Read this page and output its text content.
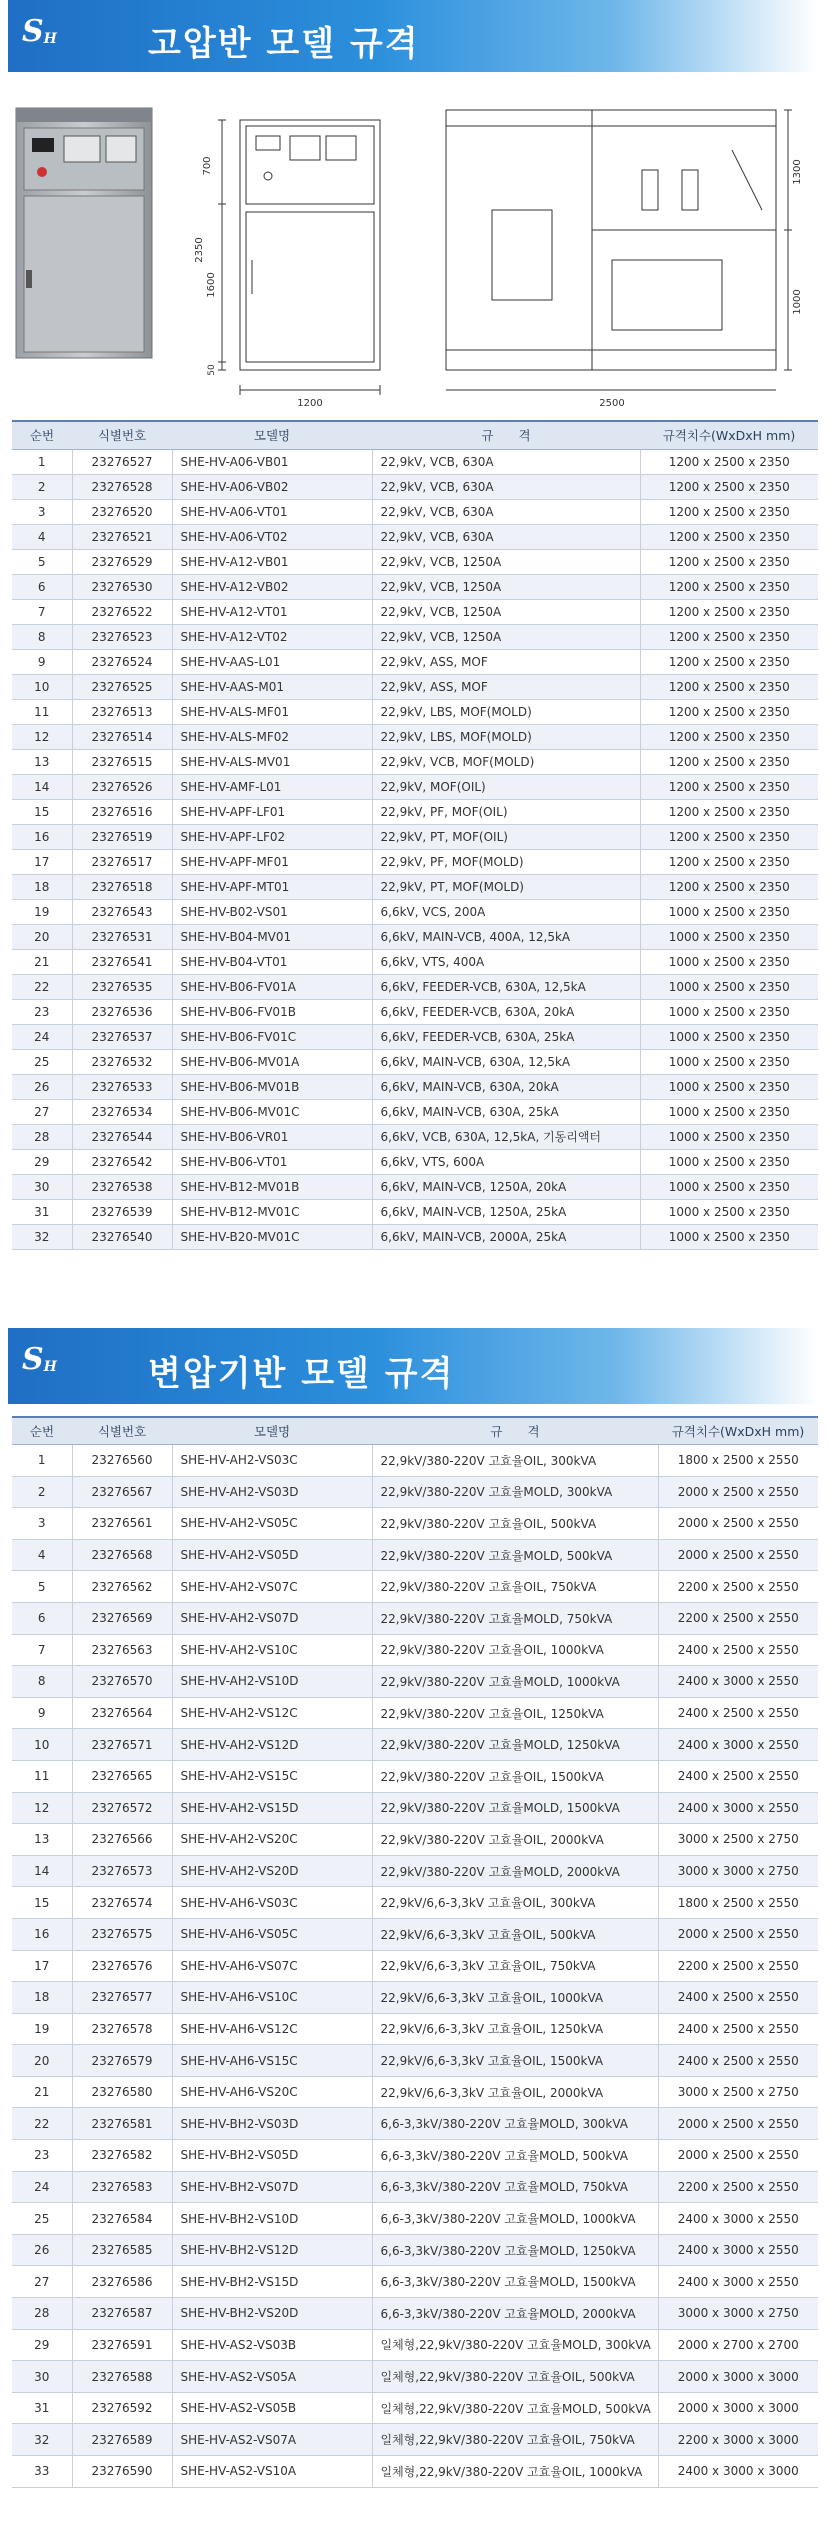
SH	고압반 모델 규격
700
2350
1600
50
1200
1300
1000
2500
순번	식별번호	모델명	규　　격	규격치수(WxDxH mm)
1	23276527	SHE-HV-A06-VB01	22,9kV, VCB, 630A	1200 x 2500 x 2350
2	23276528	SHE-HV-A06-VB02	22,9kV, VCB, 630A	1200 x 2500 x 2350
3	23276520	SHE-HV-A06-VT01	22,9kV, VCB, 630A	1200 x 2500 x 2350
4	23276521	SHE-HV-A06-VT02	22,9kV, VCB, 630A	1200 x 2500 x 2350
5	23276529	SHE-HV-A12-VB01	22,9kV, VCB, 1250A	1200 x 2500 x 2350
6	23276530	SHE-HV-A12-VB02	22,9kV, VCB, 1250A	1200 x 2500 x 2350
7	23276522	SHE-HV-A12-VT01	22,9kV, VCB, 1250A	1200 x 2500 x 2350
8	23276523	SHE-HV-A12-VT02	22,9kV, VCB, 1250A	1200 x 2500 x 2350
9	23276524	SHE-HV-AAS-L01	22,9kV, ASS, MOF	1200 x 2500 x 2350
10	23276525	SHE-HV-AAS-M01	22,9kV, ASS, MOF	1200 x 2500 x 2350
11	23276513	SHE-HV-ALS-MF01	22,9kV, LBS, MOF(MOLD)	1200 x 2500 x 2350
12	23276514	SHE-HV-ALS-MF02	22,9kV, LBS, MOF(MOLD)	1200 x 2500 x 2350
13	23276515	SHE-HV-ALS-MV01	22,9kV, VCB, MOF(MOLD)	1200 x 2500 x 2350
14	23276526	SHE-HV-AMF-L01	22,9kV, MOF(OIL)	1200 x 2500 x 2350
15	23276516	SHE-HV-APF-LF01	22,9kV, PF, MOF(OIL)	1200 x 2500 x 2350
16	23276519	SHE-HV-APF-LF02	22,9kV, PT, MOF(OIL)	1200 x 2500 x 2350
17	23276517	SHE-HV-APF-MF01	22,9kV, PF, MOF(MOLD)	1200 x 2500 x 2350
18	23276518	SHE-HV-APF-MT01	22,9kV, PT, MOF(MOLD)	1200 x 2500 x 2350
19	23276543	SHE-HV-B02-VS01	6,6kV, VCS, 200A	1000 x 2500 x 2350
20	23276531	SHE-HV-B04-MV01	6,6kV, MAIN-VCB, 400A, 12,5kA	1000 x 2500 x 2350
21	23276541	SHE-HV-B04-VT01	6,6kV, VTS, 400A	1000 x 2500 x 2350
22	23276535	SHE-HV-B06-FV01A	6,6kV, FEEDER-VCB, 630A, 12,5kA	1000 x 2500 x 2350
23	23276536	SHE-HV-B06-FV01B	6,6kV, FEEDER-VCB, 630A, 20kA	1000 x 2500 x 2350
24	23276537	SHE-HV-B06-FV01C	6,6kV, FEEDER-VCB, 630A, 25kA	1000 x 2500 x 2350
25	23276532	SHE-HV-B06-MV01A	6,6kV, MAIN-VCB, 630A, 12,5kA	1000 x 2500 x 2350
26	23276533	SHE-HV-B06-MV01B	6,6kV, MAIN-VCB, 630A, 20kA	1000 x 2500 x 2350
27	23276534	SHE-HV-B06-MV01C	6,6kV, MAIN-VCB, 630A, 25kA	1000 x 2500 x 2350
28	23276544	SHE-HV-B06-VR01	6,6kV, VCB, 630A, 12,5kA, 기동리액터	1000 x 2500 x 2350
29	23276542	SHE-HV-B06-VT01	6,6kV, VTS, 600A	1000 x 2500 x 2350
30	23276538	SHE-HV-B12-MV01B	6,6kV, MAIN-VCB, 1250A, 20kA	1000 x 2500 x 2350
31	23276539	SHE-HV-B12-MV01C	6,6kV, MAIN-VCB, 1250A, 25kA	1000 x 2500 x 2350
32	23276540	SHE-HV-B20-MV01C	6,6kV, MAIN-VCB, 2000A, 25kA	1000 x 2500 x 2350
SH	변압기반 모델 규격
순번	식별번호	모델명	규　　격	규격치수(WxDxH mm)
1	23276560	SHE-HV-AH2-VS03C	22,9kV/380-220V 고효율OIL, 300kVA	1800 x 2500 x 2550
2	23276567	SHE-HV-AH2-VS03D	22,9kV/380-220V 고효율MOLD, 300kVA	2000 x 2500 x 2550
3	23276561	SHE-HV-AH2-VS05C	22,9kV/380-220V 고효율OIL, 500kVA	2000 x 2500 x 2550
4	23276568	SHE-HV-AH2-VS05D	22,9kV/380-220V 고효율MOLD, 500kVA	2000 x 2500 x 2550
5	23276562	SHE-HV-AH2-VS07C	22,9kV/380-220V 고효율OIL, 750kVA	2200 x 2500 x 2550
6	23276569	SHE-HV-AH2-VS07D	22,9kV/380-220V 고효율MOLD, 750kVA	2200 x 2500 x 2550
7	23276563	SHE-HV-AH2-VS10C	22,9kV/380-220V 고효율OIL, 1000kVA	2400 x 2500 x 2550
8	23276570	SHE-HV-AH2-VS10D	22,9kV/380-220V 고효율MOLD, 1000kVA	2400 x 3000 x 2550
9	23276564	SHE-HV-AH2-VS12C	22,9kV/380-220V 고효율OIL, 1250kVA	2400 x 2500 x 2550
10	23276571	SHE-HV-AH2-VS12D	22,9kV/380-220V 고효율MOLD, 1250kVA	2400 x 3000 x 2550
11	23276565	SHE-HV-AH2-VS15C	22,9kV/380-220V 고효율OIL, 1500kVA	2400 x 2500 x 2550
12	23276572	SHE-HV-AH2-VS15D	22,9kV/380-220V 고효율MOLD, 1500kVA	2400 x 3000 x 2550
13	23276566	SHE-HV-AH2-VS20C	22,9kV/380-220V 고효율OIL, 2000kVA	3000 x 2500 x 2750
14	23276573	SHE-HV-AH2-VS20D	22,9kV/380-220V 고효율MOLD, 2000kVA	3000 x 3000 x 2750
15	23276574	SHE-HV-AH6-VS03C	22,9kV/6,6-3,3kV 고효율OIL, 300kVA	1800 x 2500 x 2550
16	23276575	SHE-HV-AH6-VS05C	22,9kV/6,6-3,3kV 고효율OIL, 500kVA	2000 x 2500 x 2550
17	23276576	SHE-HV-AH6-VS07C	22,9kV/6,6-3,3kV 고효율OIL, 750kVA	2200 x 2500 x 2550
18	23276577	SHE-HV-AH6-VS10C	22,9kV/6,6-3,3kV 고효율OIL, 1000kVA	2400 x 2500 x 2550
19	23276578	SHE-HV-AH6-VS12C	22,9kV/6,6-3,3kV 고효율OIL, 1250kVA	2400 x 2500 x 2550
20	23276579	SHE-HV-AH6-VS15C	22,9kV/6,6-3,3kV 고효율OIL, 1500kVA	2400 x 2500 x 2550
21	23276580	SHE-HV-AH6-VS20C	22,9kV/6,6-3,3kV 고효율OIL, 2000kVA	3000 x 2500 x 2750
22	23276581	SHE-HV-BH2-VS03D	6,6-3,3kV/380-220V 고효율MOLD, 300kVA	2000 x 2500 x 2550
23	23276582	SHE-HV-BH2-VS05D	6,6-3,3kV/380-220V 고효율MOLD, 500kVA	2000 x 2500 x 2550
24	23276583	SHE-HV-BH2-VS07D	6,6-3,3kV/380-220V 고효율MOLD, 750kVA	2200 x 2500 x 2550
25	23276584	SHE-HV-BH2-VS10D	6,6-3,3kV/380-220V 고효율MOLD, 1000kVA	2400 x 3000 x 2550
26	23276585	SHE-HV-BH2-VS12D	6,6-3,3kV/380-220V 고효율MOLD, 1250kVA	2400 x 3000 x 2550
27	23276586	SHE-HV-BH2-VS15D	6,6-3,3kV/380-220V 고효율MOLD, 1500kVA	2400 x 3000 x 2550
28	23276587	SHE-HV-BH2-VS20D	6,6-3,3kV/380-220V 고효율MOLD, 2000kVA	3000 x 3000 x 2750
29	23276591	SHE-HV-AS2-VS03B	일체형,22,9kV/380-220V 고효율MOLD, 300kVA	2000 x 2700 x 2700
30	23276588	SHE-HV-AS2-VS05A	일체형,22,9kV/380-220V 고효율OIL, 500kVA	2000 x 3000 x 3000
31	23276592	SHE-HV-AS2-VS05B	일체형,22,9kV/380-220V 고효율MOLD, 500kVA	2000 x 3000 x 3000
32	23276589	SHE-HV-AS2-VS07A	일체형,22,9kV/380-220V 고효율OIL, 750kVA	2200 x 3000 x 3000
33	23276590	SHE-HV-AS2-VS10A	일체형,22,9kV/380-220V 고효율OIL, 1000kVA	2400 x 3000 x 3000
